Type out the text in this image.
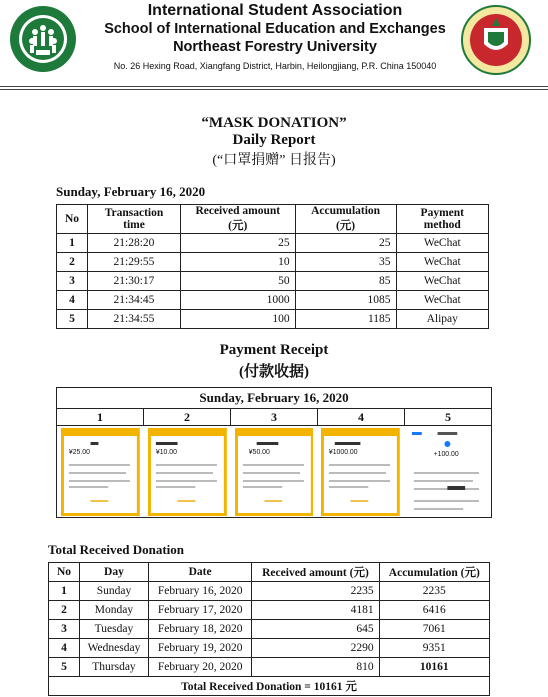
International Student Association
School of International Education and Exchanges
Northeast Forestry University
No. 26 Hexing Road, Xiangfang District, Harbin, Heilongjiang, P.R. China 150040
“MASK DONATION”
Daily Report
(“口罩捐赠” 日报告)
Sunday, February 16, 2020
No	Transaction time	Received amount (元)	Accumulation (元)	Payment method
1	21:28:20	25	25	WeChat
2	21:29:55	10	35	WeChat
3	21:30:17	50	85	WeChat
4	21:34:45	1000	1085	WeChat
5	21:34:55	100	1185	Alipay
Payment Receipt
(付款收据)
Sunday, February 16, 2020
1	2	3	4	5
¥25.00	¥10.00	¥50.00	¥1000.00	+100.00
Total Received Donation
No	Day	Date	Received amount (元)	Accumulation (元)
1	Sunday	February 16, 2020	2235	2235
2	Monday	February 17, 2020	4181	6416
3	Tuesday	February 18, 2020	645	7061
4	Wednesday	February 19, 2020	2290	9351
5	Thursday	February 20, 2020	810	10161
Total Received Donation = 10161 元				
